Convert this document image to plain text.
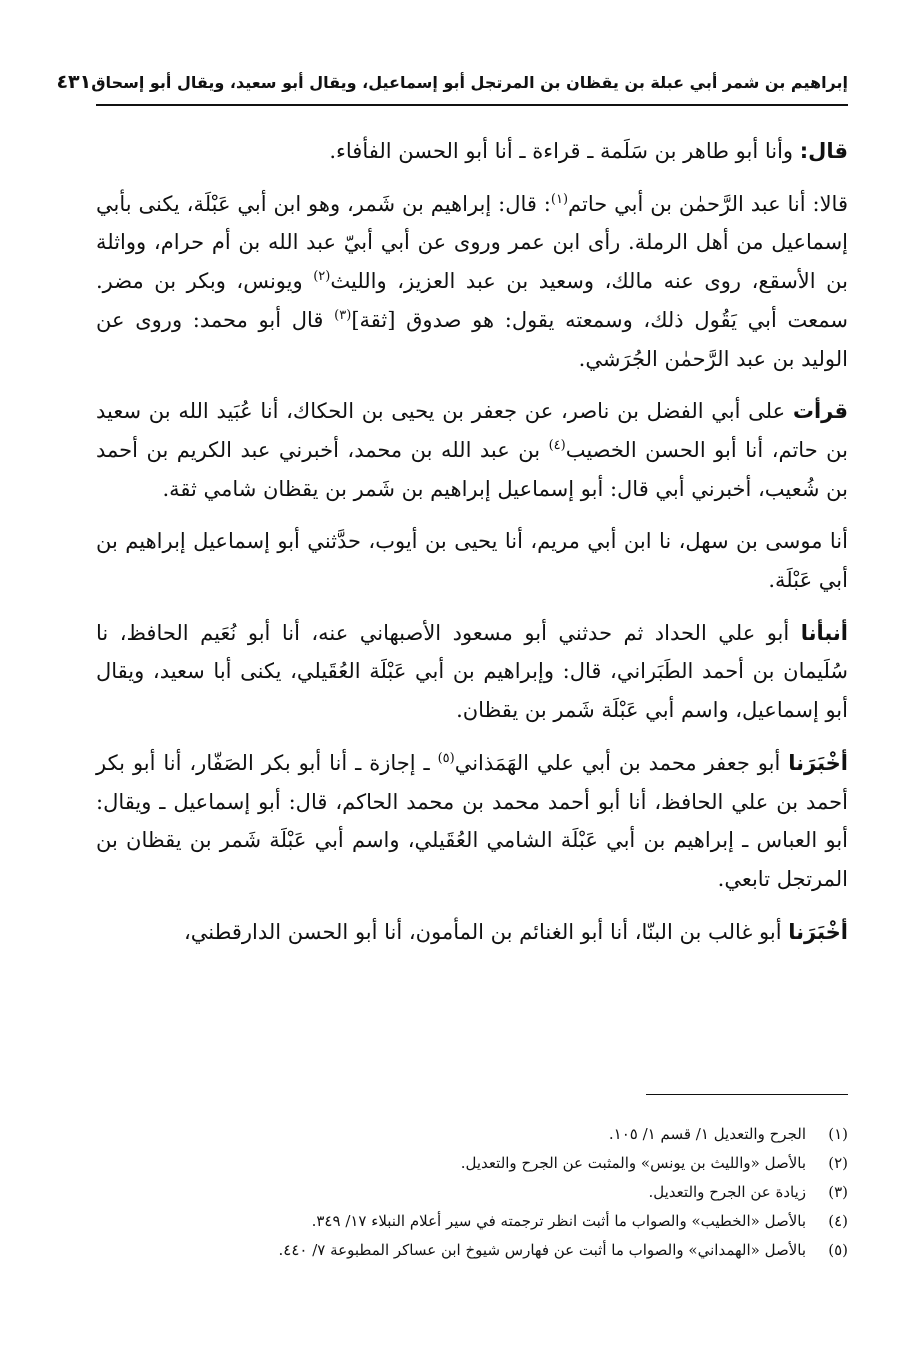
إبراهيم بن شمر أبي عبلة بن يقظان بن المرتجل أبو إسماعيل، ويقال أبو سعيد، ويقال أبو إسحاق
٤٣١

قال: وأنا أبو طاهر بن سَلَمة ـ قراءة ـ أنا أبو الحسن الفأفاء.

قالا: أنا عبد الرَّحمٰن بن أبي حاتم$^{(١)}$: قال: إبراهيم بن شَمر، وهو ابن أبي عَبْلَة، يكنى بأبي إسماعيل من أهل الرملة. رأى ابن عمر وروى عن أبي أبيّ عبد الله بن أم حرام، وواثلة بن الأسقع، روى عنه مالك، وسعيد بن عبد العزيز، والليث$^{(٢)}$ ويونس، وبكر بن مضر. سمعت أبي يَقُول ذلك، وسمعته يقول: هو صدوق [ثقة]$^{(٣)}$ قال أبو محمد: وروى عن الوليد بن عبد الرَّحمٰن الجُرَشي.

قرأت على أبي الفضل بن ناصر، عن جعفر بن يحيى بن الحكاك، أنا عُبَيد الله بن سعيد بن حاتم، أنا أبو الحسن الخصيب$^{(٤)}$ بن عبد الله بن محمد، أخبرني عبد الكريم بن أحمد بن شُعيب، أخبرني أبي قال: أبو إسماعيل إبراهيم بن شَمر بن يقظان شامي ثقة.

أنا موسى بن سهل، نا ابن أبي مريم، أنا يحيى بن أيوب، حدَّثني أبو إسماعيل إبراهيم بن أبي عَبْلَة.

أنبأنا أبو علي الحداد ثم حدثني أبو مسعود الأصبهاني عنه، أنا أبو نُعَيم الحافظ، نا سُلَيمان بن أحمد الطَبَراني، قال: وإبراهيم بن أبي عَبْلَة العُقَيلي، يكنى أبا سعيد، ويقال أبو إسماعيل، واسم أبي عَبْلَة شَمر بن يقظان.

أخْبَرَنا أبو جعفر محمد بن أبي علي الهَمَذاني$^{(٥)}$ ـ إجازة ـ أنا أبو بكر الصَفّار، أنا أبو بكر أحمد بن علي الحافظ، أنا أبو أحمد محمد بن محمد الحاكم، قال: أبو إسماعيل ـ ويقال: أبو العباس ـ إبراهيم بن أبي عَبْلَة الشامي العُقَيلي، واسم أبي عَبْلَة شَمر بن يقظان بن المرتجل تابعي.

أخْبَرَنا أبو غالب بن البنّا، أنا أبو الغنائم بن المأمون، أنا أبو الحسن الدارقطني،

(١)
الجرح والتعديل ١/ قسم ١/ ١٠٥.
(٢)
بالأصل «والليث بن يونس» والمثبت عن الجرح والتعديل.
(٣)
زيادة عن الجرح والتعديل.
(٤)
بالأصل «الخطيب» والصواب ما أثبت انظر ترجمته في سير أعلام النبلاء ١٧/ ٣٤٩.
(٥)
بالأصل «الهمداني» والصواب ما أثبت عن فهارس شيوخ ابن عساكر المطبوعة ٧/ ٤٤٠.
